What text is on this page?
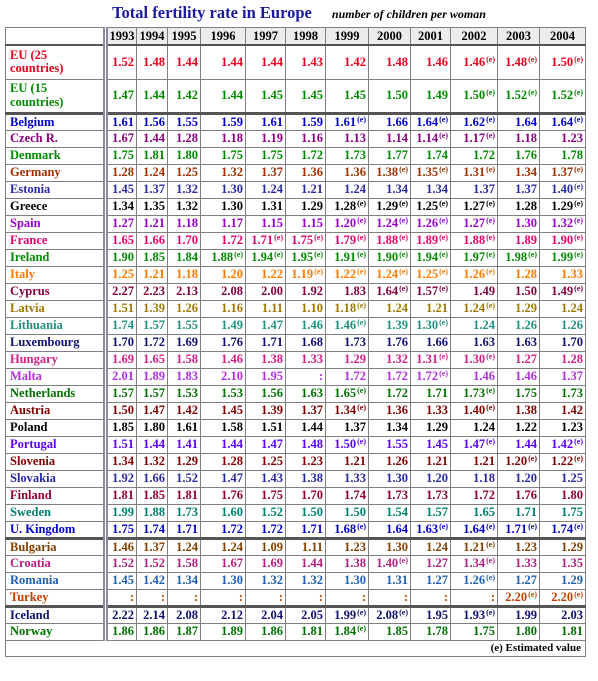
Total fertility rate in Europe number of children per woman
	1993	1994	1995	1996	1997	1998	1999	2000	2001	2002	2003	2004
EU (25 countries)	1.52	1.48	1.44	1.44	1.44	1.43	1.42	1.48	1.46	1.46$^{(e)}$	1.48$^{(e)}$	1.50$^{(e)}$
EU (15 countries)	1.47	1.44	1.42	1.44	1.45	1.45	1.45	1.50	1.49	1.50$^{(e)}$	1.52$^{(e)}$	1.52$^{(e)}$
Belgium	1.61	1.56	1.55	1.59	1.61	1.59	1.61$^{(e)}$	1.66	1.64$^{(e)}$	1.62$^{(e)}$	1.64	1.64$^{(e)}$
Czech R.	1.67	1.44	1.28	1.18	1.19	1.16	1.13	1.14	1.14$^{(e)}$	1.17$^{(e)}$	1.18	1.23
Denmark	1.75	1.81	1.80	1.75	1.75	1.72	1.73	1.77	1.74	1.72	1.76	1.78
Germany	1.28	1.24	1.25	1.32	1.37	1.36	1.36	1.38$^{(e)}$	1.35$^{(e)}$	1.31$^{(e)}$	1.34	1.37$^{(e)}$
Estonia	1.45	1.37	1.32	1.30	1.24	1.21	1.24	1.34	1.34	1.37	1.37	1.40$^{(e)}$
Greece	1.34	1.35	1.32	1.30	1.31	1.29	1.28$^{(e)}$	1.29$^{(e)}$	1.25$^{(e)}$	1.27$^{(e)}$	1.28	1.29$^{(e)}$
Spain	1.27	1.21	1.18	1.17	1.15	1.15	1.20$^{(e)}$	1.24$^{(e)}$	1.26$^{(e)}$	1.27$^{(e)}$	1.30	1.32$^{(e)}$
France	1.65	1.66	1.70	1.72	1.71$^{(e)}$	1.75$^{(e)}$	1.79$^{(e)}$	1.88$^{(e)}$	1.89$^{(e)}$	1.88$^{(e)}$	1.89	1.90$^{(e)}$
Ireland	1.90	1.85	1.84	1.88$^{(e)}$	1.94$^{(e)}$	1.95$^{(e)}$	1.91$^{(e)}$	1.90$^{(e)}$	1.94$^{(e)}$	1.97$^{(e)}$	1.98$^{(e)}$	1.99$^{(e)}$
Italy	1.25	1.21	1.18	1.20	1.22	1.19$^{(e)}$	1.22$^{(e)}$	1.24$^{(e)}$	1.25$^{(e)}$	1.26$^{(e)}$	1.28	1.33
Cyprus	2.27	2.23	2.13	2.08	2.00	1.92	1.83	1.64$^{(e)}$	1.57$^{(e)}$	1.49	1.50	1.49$^{(e)}$
Latvia	1.51	1.39	1.26	1.16	1.11	1.10	1.18$^{(e)}$	1.24	1.21	1.24$^{(e)}$	1.29	1.24
Lithuania	1.74	1.57	1.55	1.49	1.47	1.46	1.46$^{(e)}$	1.39	1.30$^{(e)}$	1.24	1.26	1.26
Luxembourg	1.70	1.72	1.69	1.76	1.71	1.68	1.73	1.76	1.66	1.63	1.63	1.70
Hungary	1.69	1.65	1.58	1.46	1.38	1.33	1.29	1.32	1.31$^{(e)}$	1.30$^{(e)}$	1.27	1.28
Malta	2.01	1.89	1.83	2.10	1.95	:	1.72	1.72	1.72$^{(e)}$	1.46	1.46	1.37
Netherlands	1.57	1.57	1.53	1.53	1.56	1.63	1.65$^{(e)}$	1.72	1.71	1.73$^{(e)}$	1.75	1.73
Austria	1.50	1.47	1.42	1.45	1.39	1.37	1.34$^{(e)}$	1.36	1.33	1.40$^{(e)}$	1.38	1.42
Poland	1.85	1.80	1.61	1.58	1.51	1.44	1.37	1.34	1.29	1.24	1.22	1.23
Portugal	1.51	1.44	1.41	1.44	1.47	1.48	1.50$^{(e)}$	1.55	1.45	1.47$^{(e)}$	1.44	1.42$^{(e)}$
Slovenia	1.34	1.32	1.29	1.28	1.25	1.23	1.21	1.26	1.21	1.21	1.20$^{(e)}$	1.22$^{(e)}$
Slovakia	1.92	1.66	1.52	1.47	1.43	1.38	1.33	1.30	1.20	1.18	1.20	1.25
Finland	1.81	1.85	1.81	1.76	1.75	1.70	1.74	1.73	1.73	1.72	1.76	1.80
Sweden	1.99	1.88	1.73	1.60	1.52	1.50	1.50	1.54	1.57	1.65	1.71	1.75
U. Kingdom	1.75	1.74	1.71	1.72	1.72	1.71	1.68$^{(e)}$	1.64	1.63$^{(e)}$	1.64$^{(e)}$	1.71$^{(e)}$	1.74$^{(e)}$
Bulgaria	1.46	1.37	1.24	1.24	1.09	1.11	1.23	1.30	1.24	1.21$^{(e)}$	1.23	1.29
Croatia	1.52	1.52	1.58	1.67	1.69	1.44	1.38	1.40$^{(e)}$	1.27	1.34$^{(e)}$	1.33	1.35
Romania	1.45	1.42	1.34	1.30	1.32	1.32	1.30	1.31	1.27	1.26$^{(e)}$	1.27	1.29
Turkey	:	:	:	:	:	:	:	:	:	:	2.20$^{(e)}$	2.20$^{(e)}$
Iceland	2.22	2.14	2.08	2.12	2.04	2.05	1.99$^{(e)}$	2.08$^{(e)}$	1.95	1.93$^{(e)}$	1.99	2.03
Norway	1.86	1.86	1.87	1.89	1.86	1.81	1.84$^{(e)}$	1.85	1.78	1.75	1.80	1.81
(e) Estimated value												
